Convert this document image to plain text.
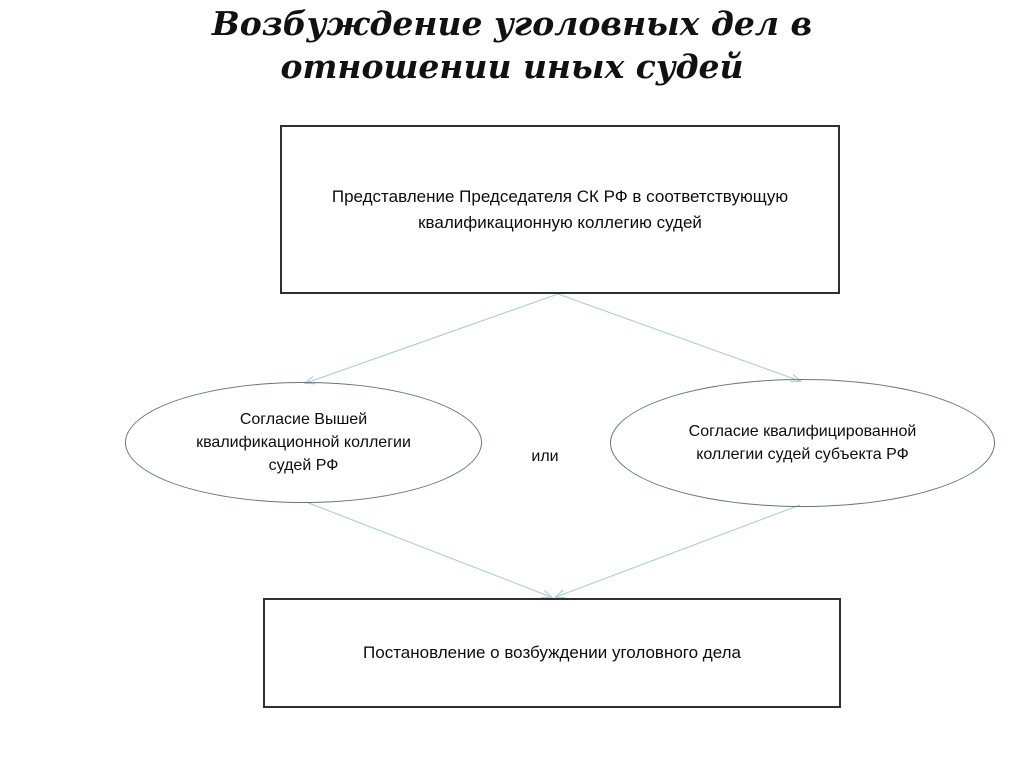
Возбуждение уголовных дел в отношении иных судей
Представление Председателя СК РФ в соответствующую квалификационную коллегию судей
Согласие Вышей квалификационной коллегии судей РФ
Согласие квалифицированной коллегии судей субъекта РФ
или
Постановление о возбуждении уголовного дела
